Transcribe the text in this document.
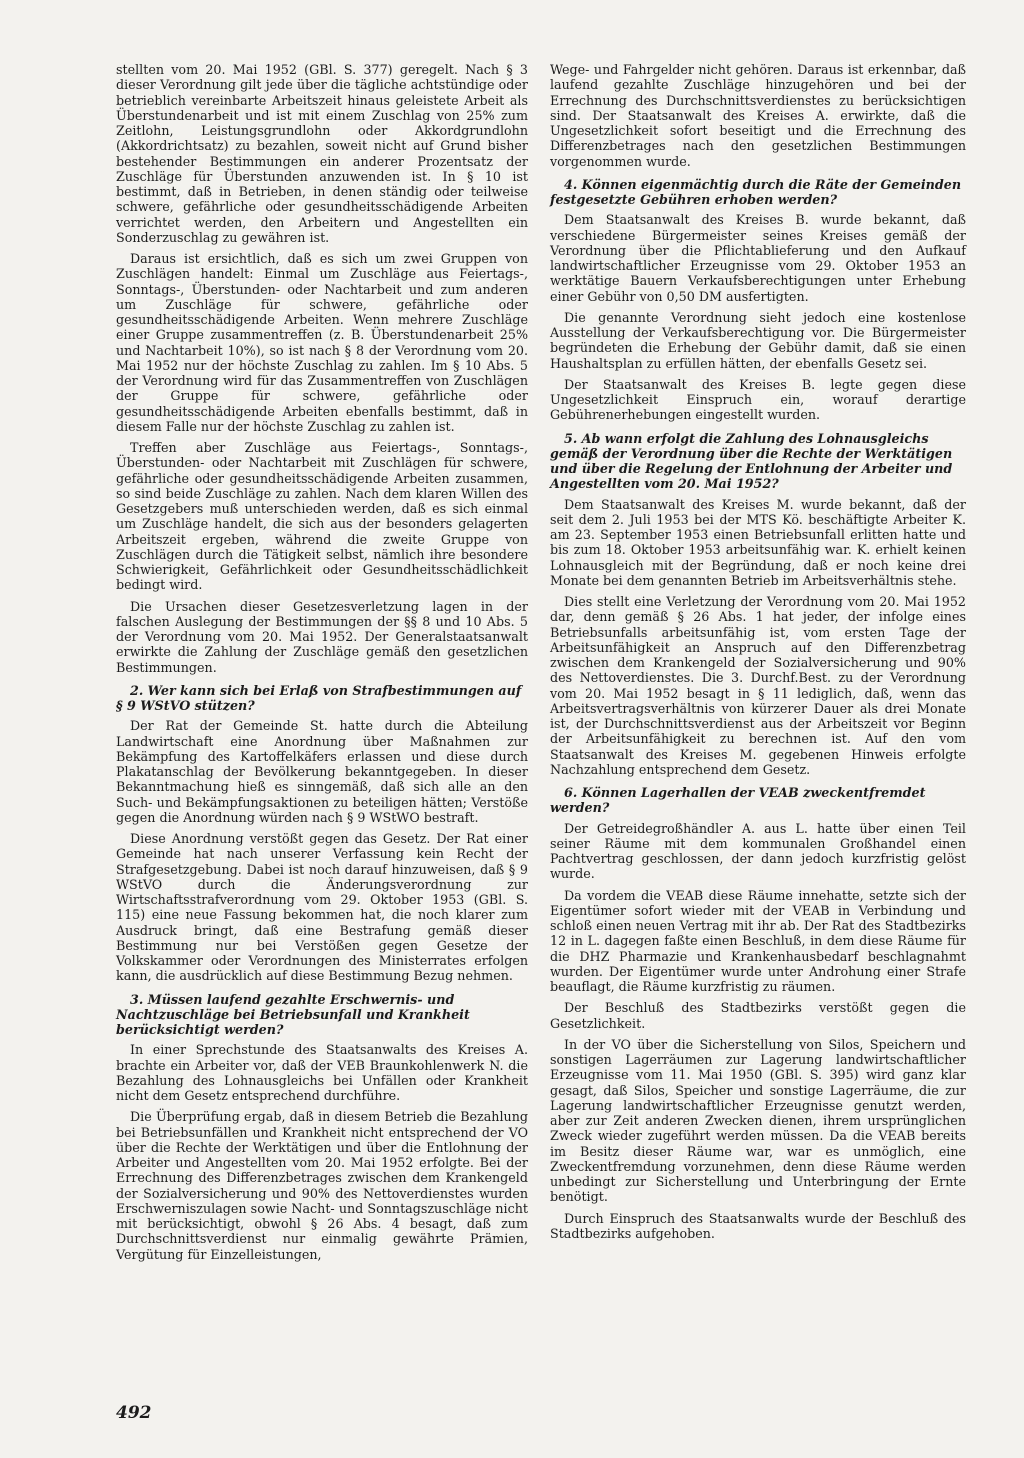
stellten vom 20. Mai 1952 (GBl. S. 377) geregelt. Nach § 3 dieser Verordnung gilt jede über die tägliche achtstündige oder betrieblich vereinbarte Arbeitszeit hinaus geleistete Arbeit als Überstundenarbeit und ist mit einem Zuschlag von 25% zum Zeitlohn, Leistungsgrundlohn oder Akkordgrundlohn (Akkordrichtsatz) zu bezahlen, soweit nicht auf Grund bisher bestehender Bestimmungen ein anderer Prozentsatz der Zuschläge für Überstunden anzuwenden ist. In § 10 ist bestimmt, daß in Betrieben, in denen ständig oder teilweise schwere, gefährliche oder gesundheitsschädigende Arbeiten verrichtet werden, den Arbeitern und Angestellten ein Sonderzuschlag zu gewähren ist.

Daraus ist ersichtlich, daß es sich um zwei Gruppen von Zuschlägen handelt: Einmal um Zuschläge aus Feiertags-, Sonntags-, Überstunden- oder Nachtarbeit und zum anderen um Zuschläge für schwere, gefährliche oder gesundheitsschädigende Arbeiten. Wenn mehrere Zuschläge einer Gruppe zusammentreffen (z. B. Überstundenarbeit 25% und Nachtarbeit 10%), so ist nach § 8 der Verordnung vom 20. Mai 1952 nur der höchste Zuschlag zu zahlen. Im § 10 Abs. 5 der Verordnung wird für das Zusammentreffen von Zuschlägen der Gruppe für schwere, gefährliche oder gesundheitsschädigende Arbeiten ebenfalls bestimmt, daß in diesem Falle nur der höchste Zuschlag zu zahlen ist.

Treffen aber Zuschläge aus Feiertags-, Sonntags-, Überstunden- oder Nachtarbeit mit Zuschlägen für schwere, gefährliche oder gesundheitsschädigende Arbeiten zusammen, so sind beide Zuschläge zu zahlen. Nach dem klaren Willen des Gesetzgebers muß unterschieden werden, daß es sich einmal um Zuschläge handelt, die sich aus der besonders gelagerten Arbeitszeit ergeben, während die zweite Gruppe von Zuschlägen durch die Tätigkeit selbst, nämlich ihre besondere Schwierigkeit, Gefährlichkeit oder Gesundheitsschädlichkeit bedingt wird.

Die Ursachen dieser Gesetzesverletzung lagen in der falschen Auslegung der Bestimmungen der §§ 8 und 10 Abs. 5 der Verordnung vom 20. Mai 1952. Der Generalstaatsanwalt erwirkte die Zahlung der Zuschläge gemäß den gesetzlichen Bestimmungen.

2. Wer kann sich bei Erlaß von Strafbestimmungen auf § 9 WStVO stützen?

Der Rat der Gemeinde St. hatte durch die Abteilung Landwirtschaft eine Anordnung über Maßnahmen zur Bekämpfung des Kartoffelkäfers erlassen und diese durch Plakatanschlag der Bevölkerung bekanntgegeben. In dieser Bekanntmachung hieß es sinngemäß, daß sich alle an den Such- und Bekämpfungsaktionen zu beteiligen hätten; Verstöße gegen die Anordnung würden nach § 9 WStWO bestraft.

Diese Anordnung verstößt gegen das Gesetz. Der Rat einer Gemeinde hat nach unserer Verfassung kein Recht der Strafgesetzgebung. Dabei ist noch darauf hinzuweisen, daß § 9 WStVO durch die Änderungsverordnung zur Wirtschaftsstrafverordnung vom 29. Oktober 1953 (GBl. S. 115) eine neue Fassung bekommen hat, die noch klarer zum Ausdruck bringt, daß eine Bestrafung gemäß dieser Bestimmung nur bei Verstößen gegen Gesetze der Volkskammer oder Verordnungen des Ministerrates erfolgen kann, die ausdrücklich auf diese Bestimmung Bezug nehmen.

3. Müssen laufend gezahlte Erschwernis- und Nachtzuschläge bei Betriebsunfall und Krankheit berücksichtigt werden?

In einer Sprechstunde des Staatsanwalts des Kreises A. brachte ein Arbeiter vor, daß der VEB Braunkohlenwerk N. die Bezahlung des Lohnausgleichs bei Unfällen oder Krankheit nicht dem Gesetz entsprechend durchführe.

Die Überprüfung ergab, daß in diesem Betrieb die Bezahlung bei Betriebsunfällen und Krankheit nicht entsprechend der VO über die Rechte der Werktätigen und über die Entlohnung der Arbeiter und Angestellten vom 20. Mai 1952 erfolgte. Bei der Errechnung des Differenzbetrages zwischen dem Krankengeld der Sozialversicherung und 90% des Nettoverdienstes wurden Erschwerniszulagen sowie Nacht- und Sonntagszuschläge nicht mit berücksichtigt, obwohl § 26 Abs. 4 besagt, daß zum Durchschnittsverdienst nur einmalig gewährte Prämien, Vergütung für Einzelleistungen,

Wege- und Fahrgelder nicht gehören. Daraus ist erkennbar, daß laufend gezahlte Zuschläge hinzugehören und bei der Errechnung des Durchschnittsverdienstes zu berücksichtigen sind. Der Staatsanwalt des Kreises A. erwirkte, daß die Ungesetzlichkeit sofort beseitigt und die Errechnung des Differenzbetrages nach den gesetzlichen Bestimmungen vorgenommen wurde.

4. Können eigenmächtig durch die Räte der Gemeinden festgesetzte Gebühren erhoben werden?

Dem Staatsanwalt des Kreises B. wurde bekannt, daß verschiedene Bürgermeister seines Kreises gemäß der Verordnung über die Pflichtablieferung und den Aufkauf landwirtschaftlicher Erzeugnisse vom 29. Oktober 1953 an werktätige Bauern Verkaufsberechtigungen unter Erhebung einer Gebühr von 0,50 DM ausfertigten.

Die genannte Verordnung sieht jedoch eine kostenlose Ausstellung der Verkaufsberechtigung vor. Die Bürgermeister begründeten die Erhebung der Gebühr damit, daß sie einen Haushaltsplan zu erfüllen hätten, der ebenfalls Gesetz sei.

Der Staatsanwalt des Kreises B. legte gegen diese Ungesetzlichkeit Einspruch ein, worauf derartige Gebührenerhebungen eingestellt wurden.

5. Ab wann erfolgt die Zahlung des Lohnausgleichs gemäß der Verordnung über die Rechte der Werktätigen und über die Regelung der Entlohnung der Arbeiter und Angestellten vom 20. Mai 1952?

Dem Staatsanwalt des Kreises M. wurde bekannt, daß der seit dem 2. Juli 1953 bei der MTS Kö. beschäftigte Arbeiter K. am 23. September 1953 einen Betriebsunfall erlitten hatte und bis zum 18. Oktober 1953 arbeitsunfähig war. K. erhielt keinen Lohnausgleich mit der Begründung, daß er noch keine drei Monate bei dem genannten Betrieb im Arbeitsverhältnis stehe.

Dies stellt eine Verletzung der Verordnung vom 20. Mai 1952 dar, denn gemäß § 26 Abs. 1 hat jeder, der infolge eines Betriebsunfalls arbeitsunfähig ist, vom ersten Tage der Arbeitsunfähigkeit an Anspruch auf den Differenzbetrag zwischen dem Krankengeld der Sozialversicherung und 90% des Nettoverdienstes. Die 3. Durchf.Best. zu der Verordnung vom 20. Mai 1952 besagt in § 11 lediglich, daß, wenn das Arbeitsvertragsverhältnis von kürzerer Dauer als drei Monate ist, der Durchschnittsverdienst aus der Arbeitszeit vor Beginn der Arbeitsunfähigkeit zu berechnen ist. Auf den vom Staatsanwalt des Kreises M. gegebenen Hinweis erfolgte Nachzahlung entsprechend dem Gesetz.

6. Können Lagerhallen der VEAB zweckentfremdet werden?

Der Getreidegroßhändler A. aus L. hatte über einen Teil seiner Räume mit dem kommunalen Großhandel einen Pachtvertrag geschlossen, der dann jedoch kurzfristig gelöst wurde.

Da vordem die VEAB diese Räume innehatte, setzte sich der Eigentümer sofort wieder mit der VEAB in Verbindung und schloß einen neuen Vertrag mit ihr ab. Der Rat des Stadtbezirks 12 in L. dagegen faßte einen Beschluß, in dem diese Räume für die DHZ Pharmazie und Krankenhausbedarf beschlagnahmt wurden. Der Eigentümer wurde unter Androhung einer Strafe beauflagt, die Räume kurzfristig zu räumen.

Der Beschluß des Stadtbezirks verstößt gegen die Gesetzlichkeit.

In der VO über die Sicherstellung von Silos, Speichern und sonstigen Lagerräumen zur Lagerung landwirtschaftlicher Erzeugnisse vom 11. Mai 1950 (GBl. S. 395) wird ganz klar gesagt, daß Silos, Speicher und sonstige Lagerräume, die zur Lagerung landwirtschaftlicher Erzeugnisse genutzt werden, aber zur Zeit anderen Zwecken dienen, ihrem ursprünglichen Zweck wieder zugeführt werden müssen. Da die VEAB bereits im Besitz dieser Räume war, war es unmöglich, eine Zweckentfremdung vorzunehmen, denn diese Räume werden unbedingt zur Sicherstellung und Unterbringung der Ernte benötigt.

Durch Einspruch des Staatsanwalts wurde der Beschluß des Stadtbezirks aufgehoben.

492
